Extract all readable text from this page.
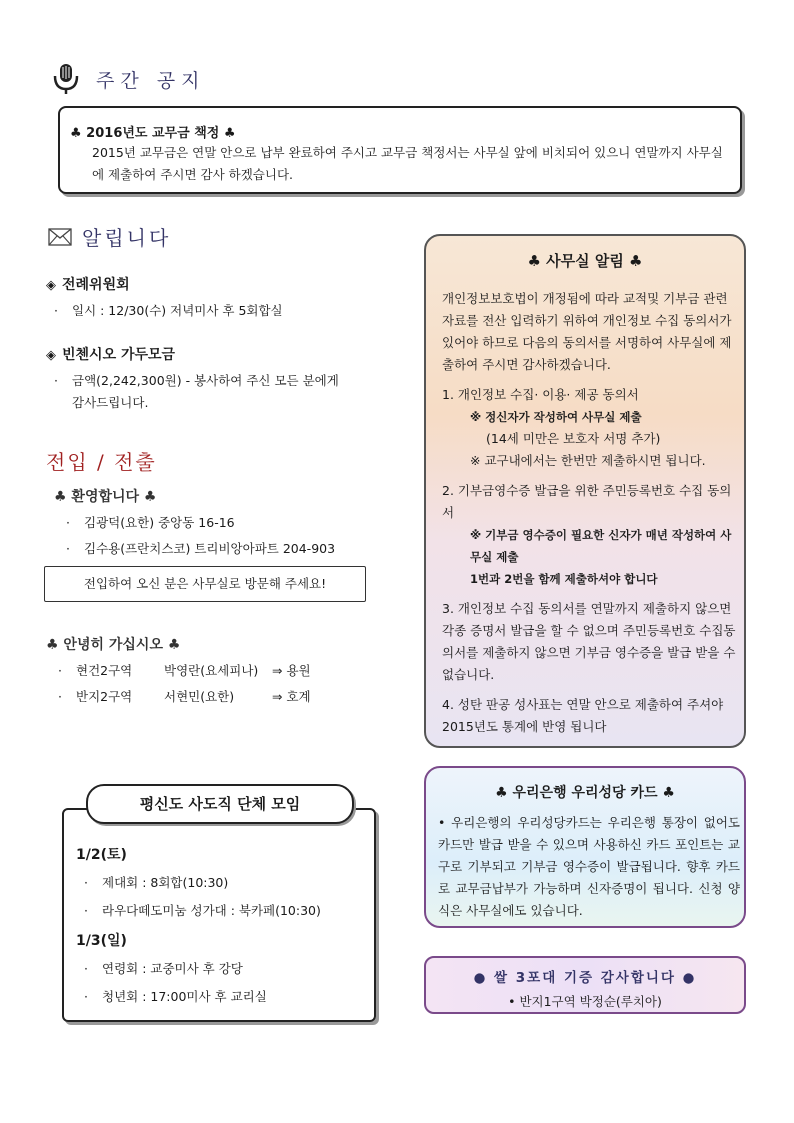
주간 공지
♣ 2016년도 교무금 책정 ♣
2015년 교무금은 연말 안으로 납부 완료하여 주시고 교무금 책정서는 사무실 앞에 비치되어 있으니 연말까지 사무실에 제출하여 주시면 감사 하겠습니다.
알립니다
◈ 전례위원회
· 일시 : 12/30(수) 저녁미사 후 5회합실
◈ 빈첸시오 가두모금
· 금액(2,242,300원) - 봉사하여 주신 모든 분에게
감사드립니다.
전입 / 전출
♣ 환영합니다 ♣
· 김광덕(요한) 중앙동 16-16
· 김수용(프란치스코) 트리비앙아파트 204-903
전입하여 오신 분은 사무실로 방문해 주세요!
♣ 안녕히 가십시오 ♣
· 현건2구역	박영란(요세피나) ⇒ 용원
· 반지2구역	서현민(요한)	⇒ 호계
평신도 사도직 단체 모임
1/2(토)
· 제대회 : 8회합(10:30)
· 라우다떼도미눔 성가대 : 북카페(10:30)
1/3(일)
· 연령회 : 교중미사 후 강당
· 청년회 : 17:00미사 후 교리실
♣ 사무실 알림 ♣

개인정보보호법이 개정됨에 따라 교적및 기부금 관련 자료를 전산 입력하기 위하여 개인정보 수집 동의서가 있어야 하므로 다음의 동의서를 서명하여 사무실에 제출하여 주시면 감사하겠습니다.

1. 개인정보 수집· 이용· 제공 동의서
※ 정신자가 작성하여 사무실 제출
(14세 미만은 보호자 서명 추가)
※ 교구내에서는 한번만 제출하시면 됩니다.
2. 기부금영수증 발급을 위한 주민등록번호 수집 동의서
※ 기부금 영수증이 필요한 신자가 매년 작성하여 사무실 제출
1번과 2번을 함께 제출하셔야 합니다
3. 개인정보 수집 동의서를 연말까지 제출하지 않으면 각종 증명서 발급을 할 수 없으며 주민등록번호 수집동의서를 제출하지 않으면 기부금 영수증을 발급 받을 수 없습니다.
4. 성탄 판공 성사표는 연말 안으로 제출하여 주셔야 2015년도 통계에 반영 됩니다
♣ 우리은행 우리성당 카드 ♣
• 우리은행의 우리성당카드는 우리은행 통장이 없어도 카드만 발급 받을 수 있으며 사용하신 카드 포인트는 교구로 기부되고 기부금 영수증이 발급됩니다. 향후 카드로 교무금납부가 가능하며 신자증명이 됩니다. 신청 양식은 사무실에도 있습니다.
● 쌀 3포대 기증 감사합니다 ●
• 반지1구역 박정순(루치아)
